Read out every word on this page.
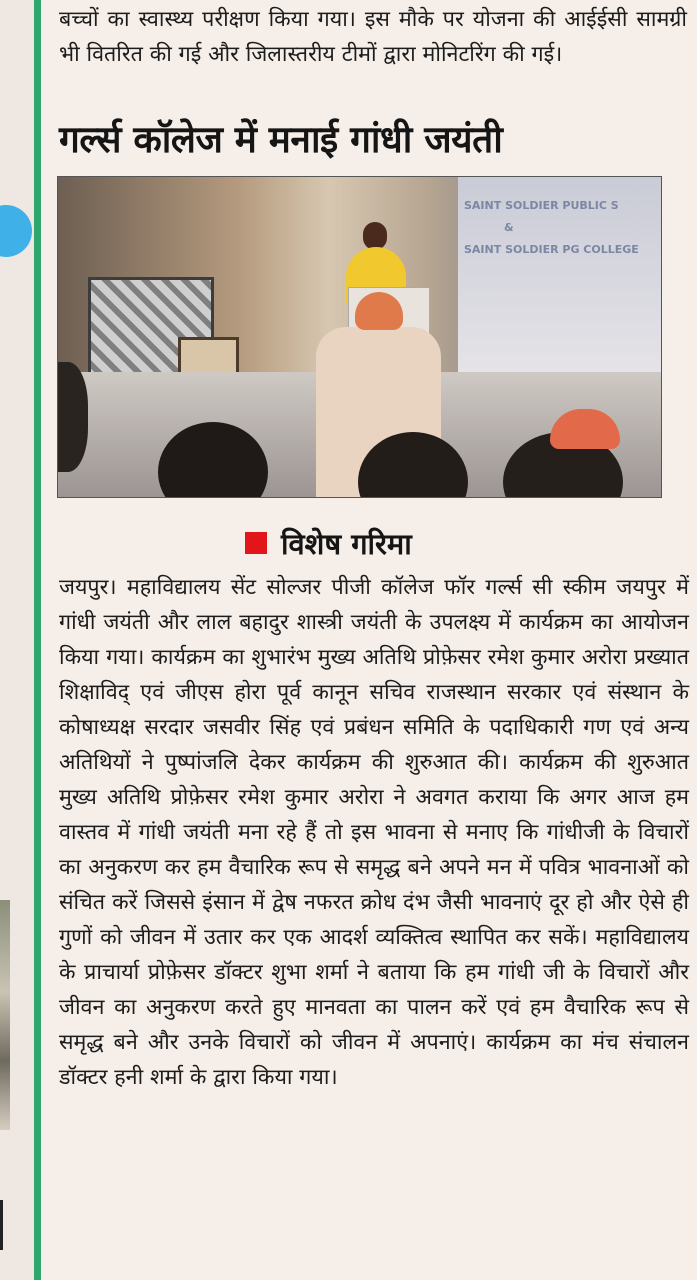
बच्चों का स्वास्थ्य परीक्षण किया गया। इस मौके पर योजना की आईईसी सामग्री भी वितरित की गई और जिलास्तरीय टीमों द्वारा मोनिटरिंग की गई।

गर्ल्स कॉलेज में मनाई गांधी जयंती
SAINT SOLDIER PUBLIC S
&
SAINT SOLDIER PG COLLEGE
विशेष गरिमा

जयपुर। महाविद्यालय सेंट सोल्जर पीजी कॉलेज फॉर गर्ल्स सी स्कीम जयपुर में गांधी जयंती और लाल बहादुर शास्त्री जयंती के उपलक्ष्य में कार्यक्रम का आयोजन किया गया। कार्यक्रम का शुभारंभ मुख्य अतिथि प्रोफ़ेसर रमेश कुमार अरोरा प्रख्यात शिक्षाविद् एवं जीएस होरा पूर्व कानून सचिव राजस्थान सरकार एवं संस्थान के कोषाध्यक्ष सरदार जसवीर सिंह एवं प्रबंधन समिति के पदाधिकारी गण एवं अन्य अतिथियों ने पुष्पांजलि देकर कार्यक्रम की शुरुआत की। कार्यक्रम की शुरुआत मुख्य अतिथि प्रोफ़ेसर रमेश कुमार अरोरा ने अवगत कराया कि अगर आज हम वास्तव में गांधी जयंती मना रहे हैं तो इस भावना से मनाए कि गांधीजी के विचारों का अनुकरण कर हम वैचारिक रूप से समृद्ध बने अपने मन में पवित्र भावनाओं को संचित करें जिससे इंसान में द्वेष नफरत क्रोध दंभ जैसी भावनाएं दूर हो और ऐसे ही गुणों को जीवन में उतार कर एक आदर्श व्यक्तित्व स्थापित कर सकें। महाविद्यालय के प्राचार्या प्रोफ़ेसर डॉक्टर शुभा शर्मा ने बताया कि हम गांधी जी के विचारों और जीवन का अनुकरण करते हुए मानवता का पालन करें एवं हम वैचारिक रूप से समृद्ध बने और उनके विचारों को जीवन में अपनाएं। कार्यक्रम का मंच संचालन डॉक्टर हनी शर्मा के द्वारा किया गया।
